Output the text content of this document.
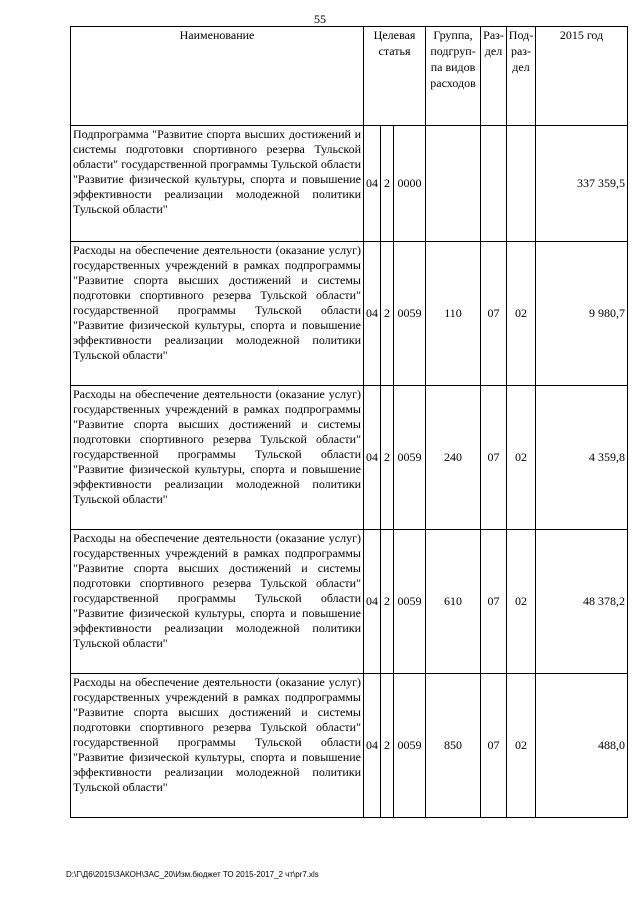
55
Наименование	Целевая статья			Группа, подгруп-па видов расходов	Раз-дел	Под-раз-дел	2015 год
Подпрограмма "Развитие спорта высших достижений и системы подготовки спортивного резерва Тульской области" государственной программы Тульской области "Развитие физической культуры, спорта и повышение эффективности реализации молодежной политики Тульской области"	04	2	0000				337 359,5
Расходы на обеспечение деятельности (оказание услуг) государственных учреждений в рамках подпрограммы "Развитие спорта высших достижений и системы подготовки спортивного резерва Тульской области" государственной программы Тульской области "Развитие физической культуры, спорта и повышение эффективности реализации молодежной политики Тульской области"	04	2	0059	110	07	02	9 980,7
Расходы на обеспечение деятельности (оказание услуг) государственных учреждений в рамках подпрограммы "Развитие спорта высших достижений и системы подготовки спортивного резерва Тульской области" государственной программы Тульской области "Развитие физической культуры, спорта и повышение эффективности реализации молодежной политики Тульской области"	04	2	0059	240	07	02	4 359,8
Расходы на обеспечение деятельности (оказание услуг) государственных учреждений в рамках подпрограммы "Развитие спорта высших достижений и системы подготовки спортивного резерва Тульской области" государственной программы Тульской области "Развитие физической культуры, спорта и повышение эффективности реализации молодежной политики Тульской области"	04	2	0059	610	07	02	48 378,2
Расходы на обеспечение деятельности (оказание услуг) государственных учреждений в рамках подпрограммы "Развитие спорта высших достижений и системы подготовки спортивного резерва Тульской области" государственной программы Тульской области "Развитие физической культуры, спорта и повышение эффективности реализации молодежной политики Тульской области"	04	2	0059	850	07	02	488,0
D:\Г\Д6\2015\ЗАКОН\ЗАС_20\Изм.бюджет ТО 2015-2017_2 чт\pr7.xls
